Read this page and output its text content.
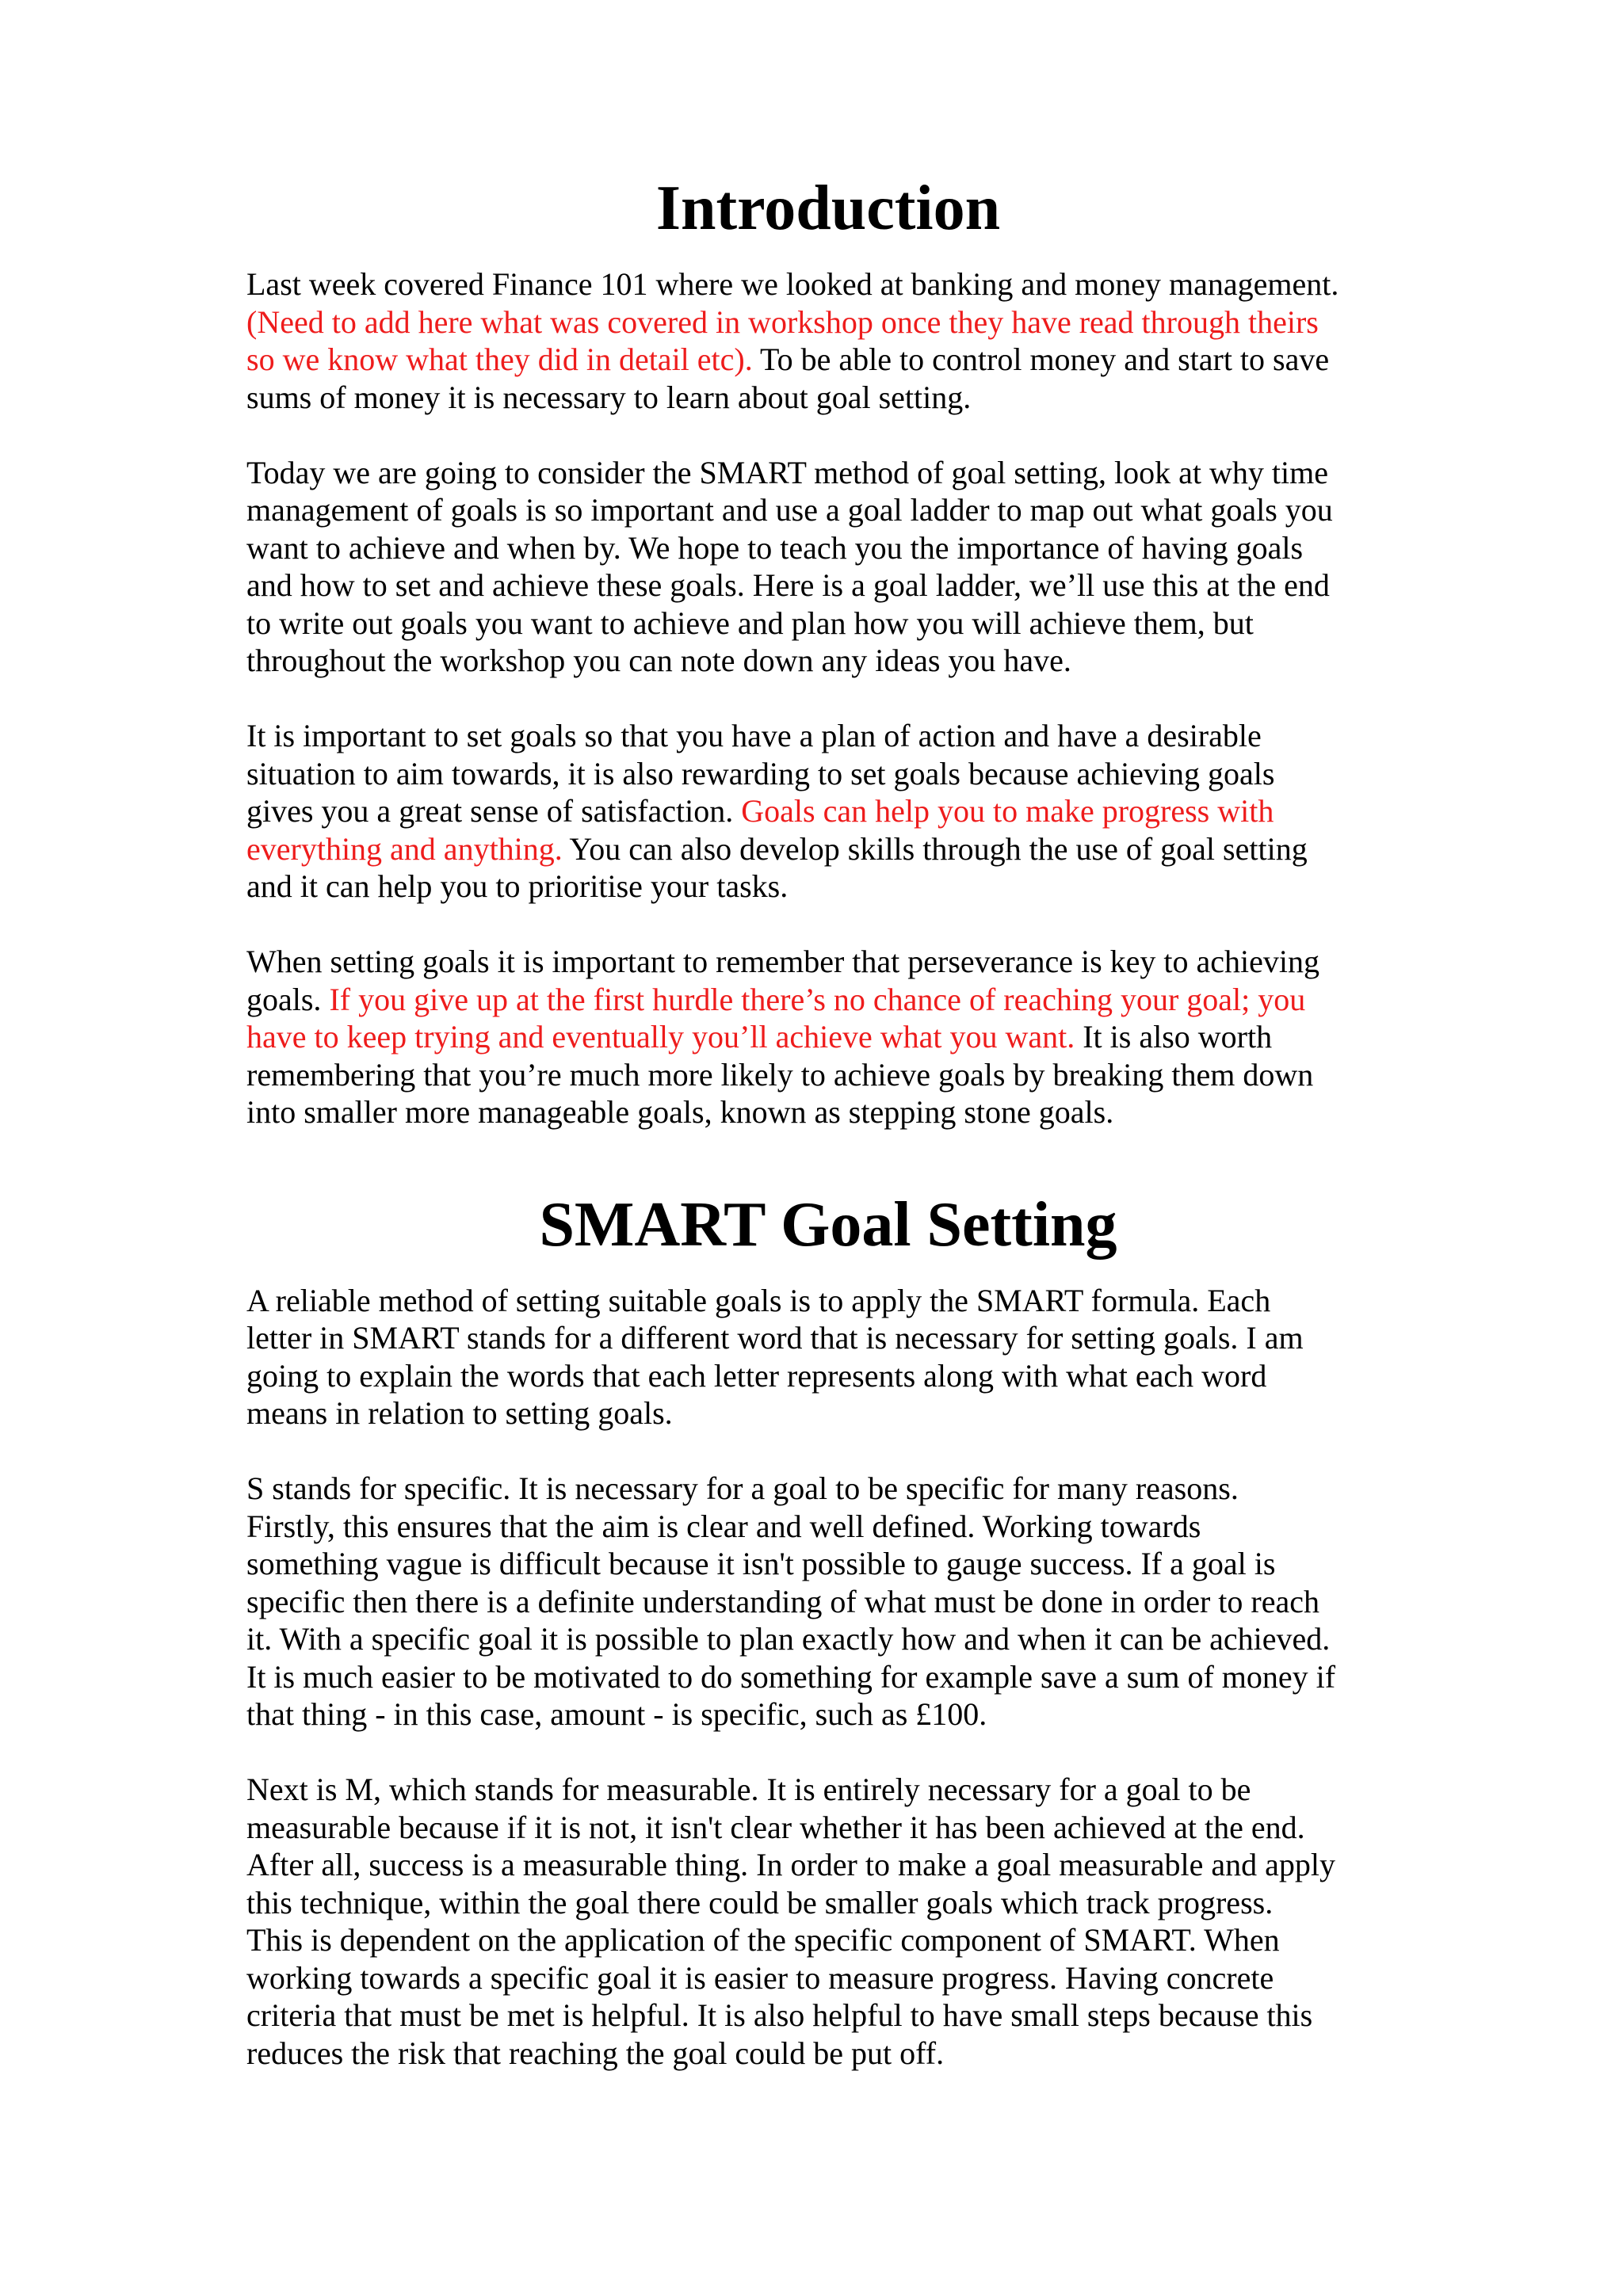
Introduction
Last week covered Finance 101 where we looked at banking and money management.
(Need to add here what was covered in workshop once they have read through theirs
so we know what they did in detail etc). To be able to control money and start to save
sums of money it is necessary to learn about goal setting.
Today we are going to consider the SMART method of goal setting, look at why time
management of goals is so important and use a goal ladder to map out what goals you
want to achieve and when by. We hope to teach you the importance of having goals
and how to set and achieve these goals. Here is a goal ladder, we’ll use this at the end
to write out goals you want to achieve and plan how you will achieve them, but
throughout the workshop you can note down any ideas you have.
It is important to set goals so that you have a plan of action and have a desirable
situation to aim towards, it is also rewarding to set goals because achieving goals
gives you a great sense of satisfaction. Goals can help you to make progress with
everything and anything. You can also develop skills through the use of goal setting
and it can help you to prioritise your tasks.
When setting goals it is important to remember that perseverance is key to achieving
goals. If you give up at the first hurdle there’s no chance of reaching your goal; you
have to keep trying and eventually you’ll achieve what you want. It is also worth
remembering that you’re much more likely to achieve goals by breaking them down
into smaller more manageable goals, known as stepping stone goals.
SMART Goal Setting
A reliable method of setting suitable goals is to apply the SMART formula. Each
letter in SMART stands for a different word that is necessary for setting goals. I am
going to explain the words that each letter represents along with what each word
means in relation to setting goals.
S stands for specific. It is necessary for a goal to be specific for many reasons.
Firstly, this ensures that the aim is clear and well defined. Working towards
something vague is difficult because it isn't possible to gauge success. If a goal is
specific then there is a definite understanding of what must be done in order to reach
it. With a specific goal it is possible to plan exactly how and when it can be achieved.
It is much easier to be motivated to do something for example save a sum of money if
that thing - in this case, amount - is specific, such as £100.
Next is M, which stands for measurable. It is entirely necessary for a goal to be
measurable because if it is not, it isn't clear whether it has been achieved at the end.
After all, success is a measurable thing. In order to make a goal measurable and apply
this technique, within the goal there could be smaller goals which track progress.
This is dependent on the application of the specific component of SMART. When
working towards a specific goal it is easier to measure progress. Having concrete
criteria that must be met is helpful. It is also helpful to have small steps because this
reduces the risk that reaching the goal could be put off.
